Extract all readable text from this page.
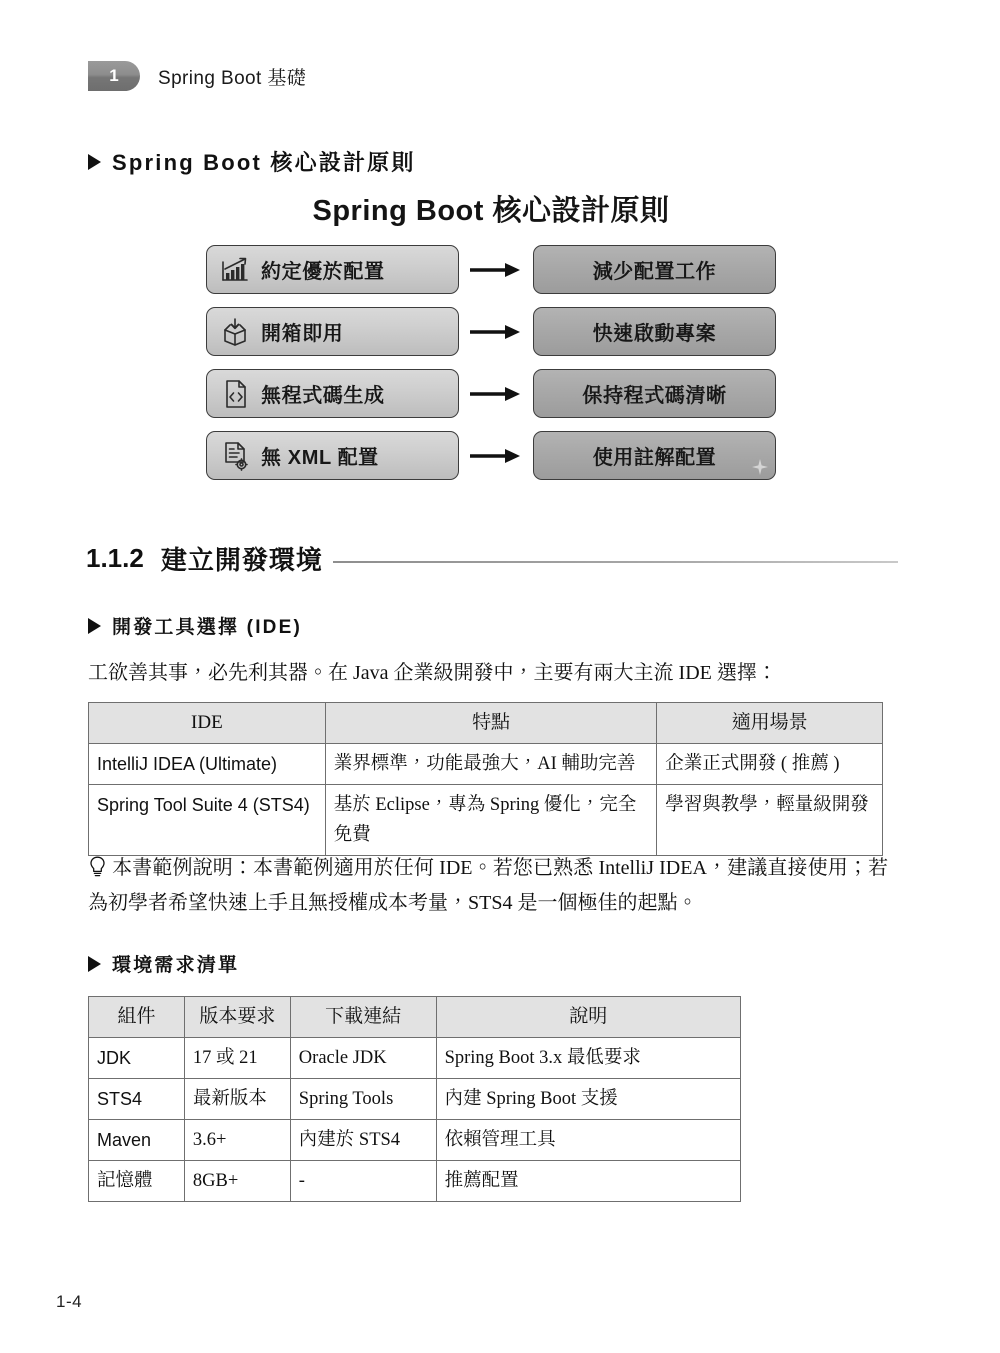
1	Spring Boot 基礎
Spring Boot 核心設計原則
Spring Boot 核心設計原則
約定優於配置	減少配置工作
開箱即用	快速啟動專案
無程式碼生成	保持程式碼清晰
無 XML 配置	使用註解配置
1.1.2 建立開發環境
開發工具選擇 (IDE)
工欲善其事，必先利其器。在 Java 企業級開發中，主要有兩大主流 IDE 選擇：
IDE	特點	適用場景
IntelliJ IDEA (Ultimate)	業界標準，功能最強大，AI 輔助完善	企業正式開發 ( 推薦 )
Spring Tool Suite 4 (STS4)	基於 Eclipse，專為 Spring 優化，完全免費	學習與教學，輕量級開發
本書範例說明：本書範例適用於任何 IDE。若您已熟悉 IntelliJ IDEA，建議直接使用；若為初學者希望快速上手且無授權成本考量，STS4 是一個極佳的起點。
環境需求清單
組件	版本要求	下載連結	說明
JDK	17 或 21	Oracle JDK	Spring Boot 3.x 最低要求
STS4	最新版本	Spring Tools	內建 Spring Boot 支援
Maven	3.6+	內建於 STS4	依賴管理工具
記憶體	8GB+	-	推薦配置
1-4
